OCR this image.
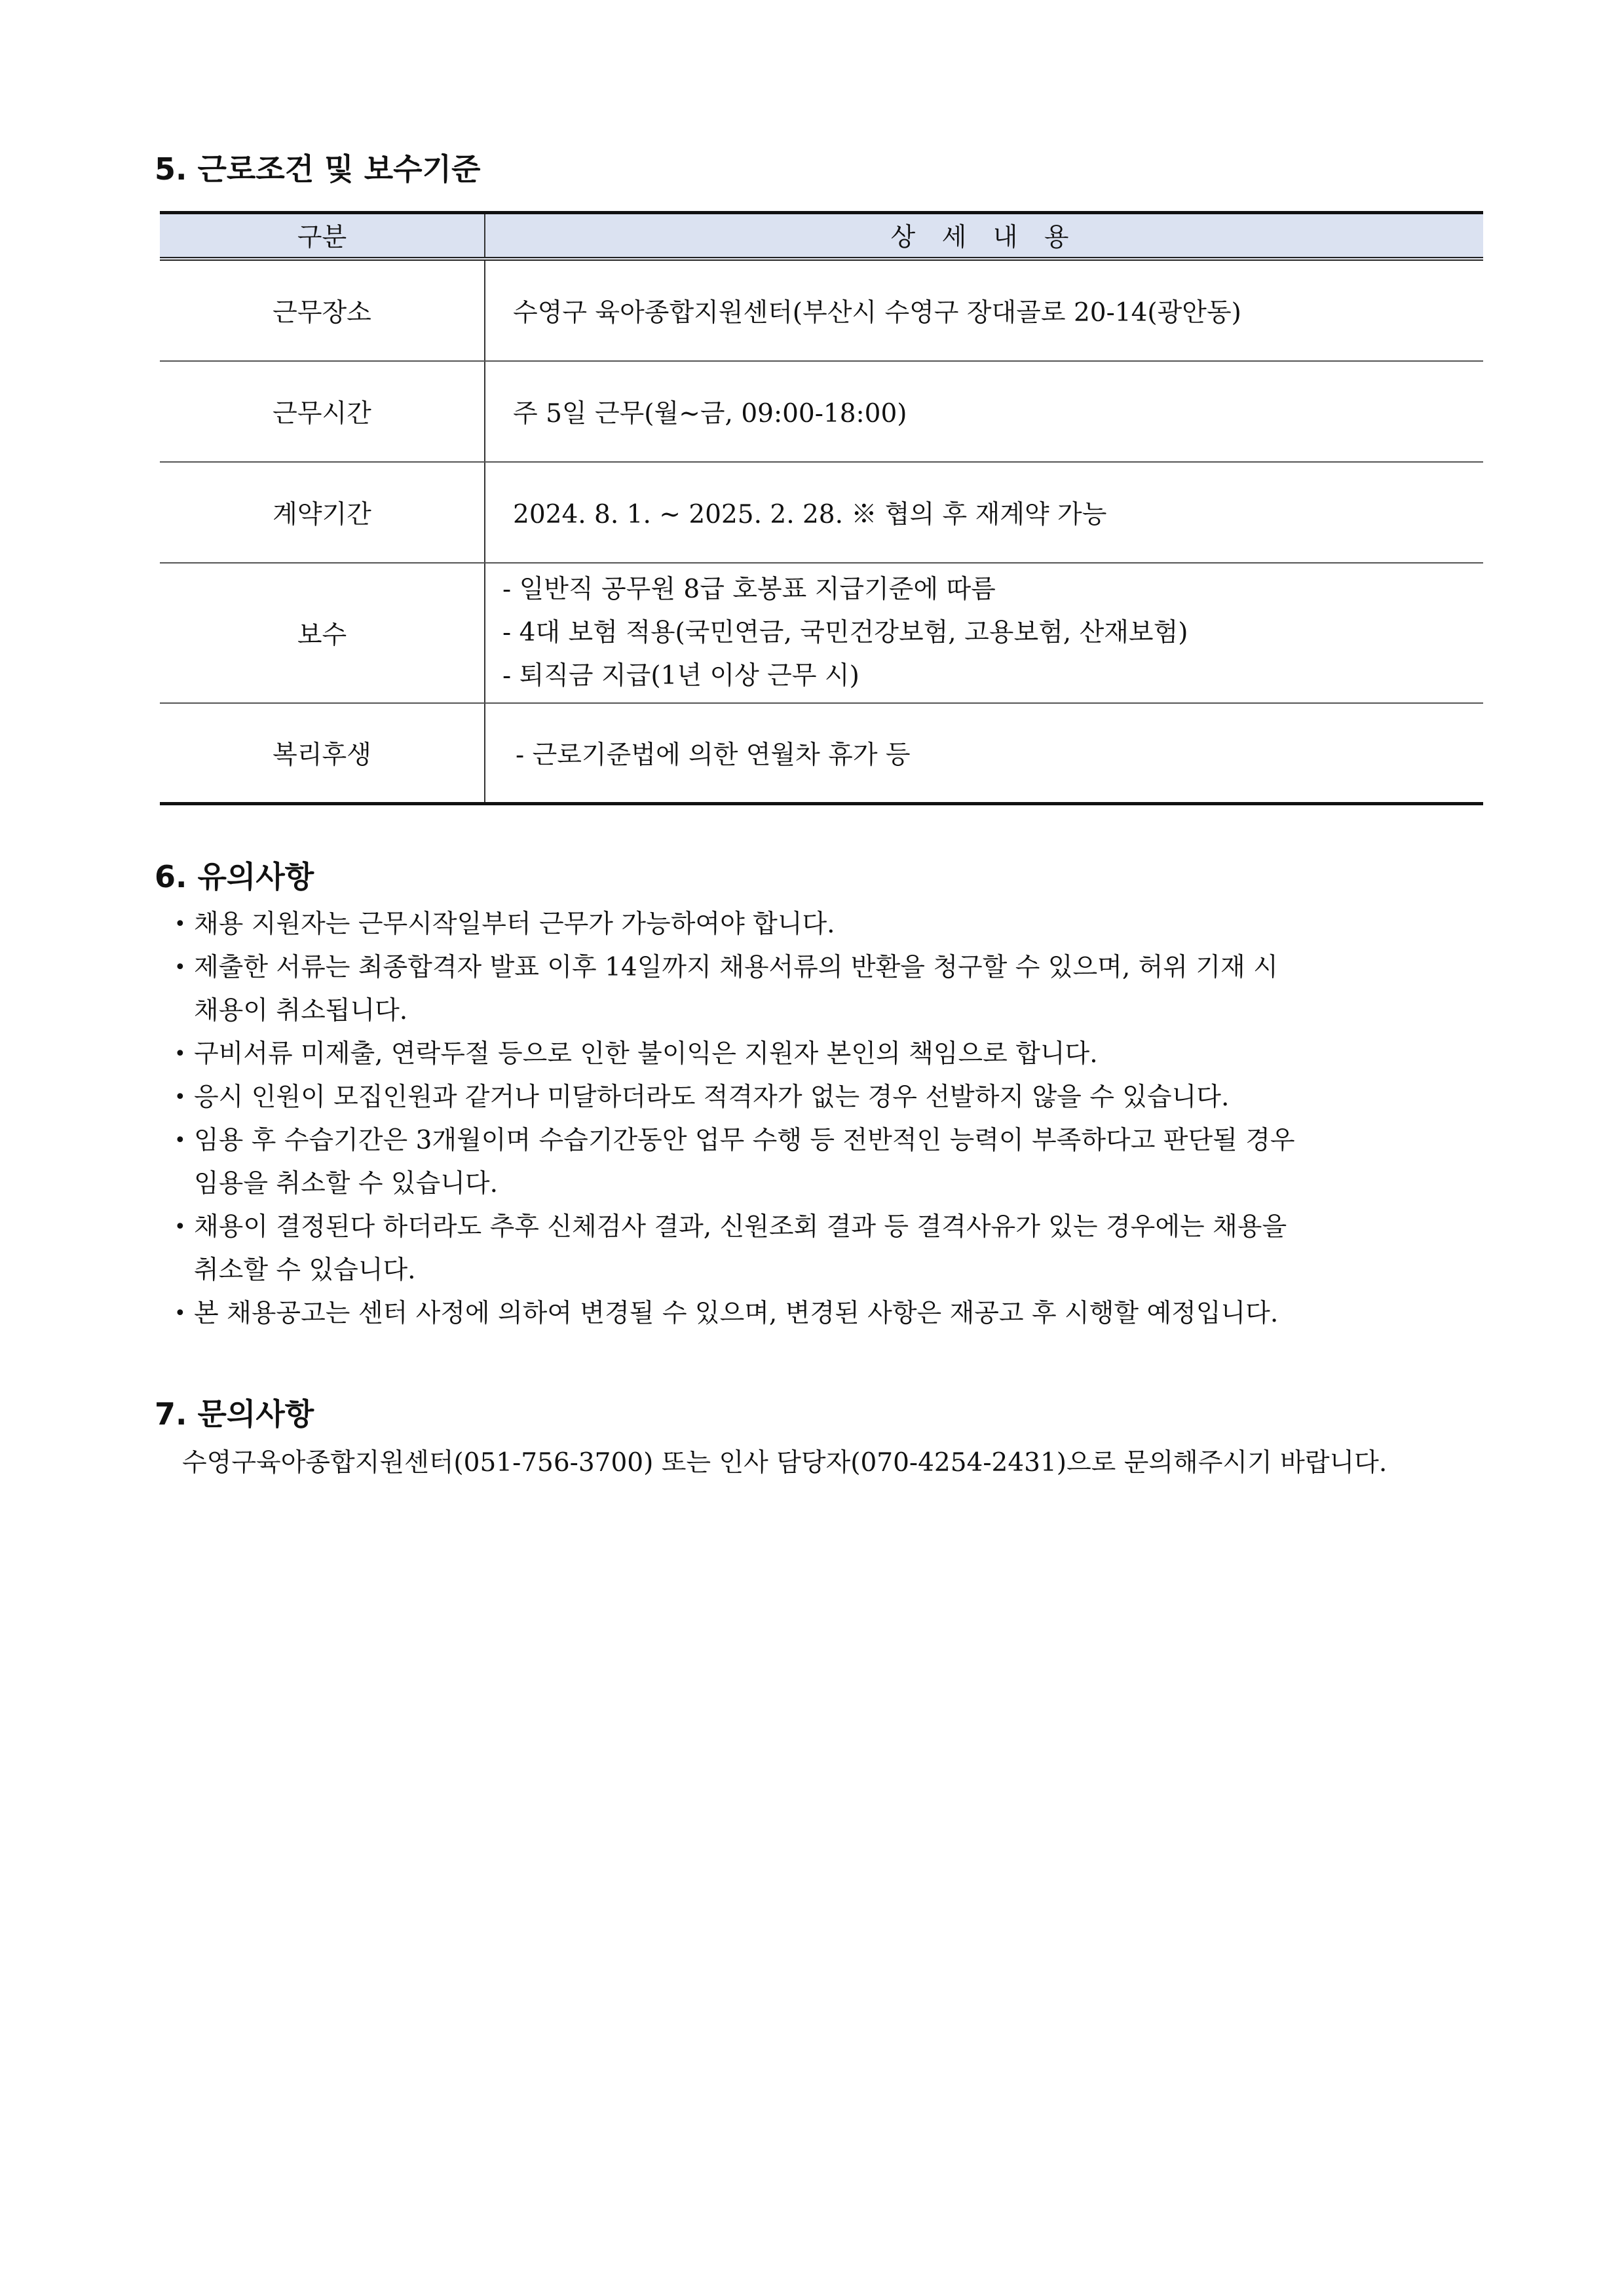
5. 근로조건 및 보수기준
구분	상 세 내 용
근무장소	수영구 육아종합지원센터(부산시 수영구 장대골로 20-14(광안동)
근무시간	주 5일 근무(월~금, 09:00-18:00)
계약기간	2024. 8. 1. ~ 2025. 2. 28. ※ 협의 후 재계약 가능
보수	- 일반직 공무원 8급 호봉표 지급기준에 따름
- 4대 보험 적용(국민연금, 국민건강보험, 고용보험, 산재보험)
- 퇴직금 지급(1년 이상 근무 시)

복리후생	- 근로기준법에 의한 연월차 휴가 등
6. 유의사항
• 채용 지원자는 근무시작일부터 근무가 가능하여야 합니다.
• 제출한 서류는 최종합격자 발표 이후 14일까지 채용서류의 반환을 청구할 수 있으며, 허위 기재 시
채용이 취소됩니다.
• 구비서류 미제출, 연락두절 등으로 인한 불이익은 지원자 본인의 책임으로 합니다.
• 응시 인원이 모집인원과 같거나 미달하더라도 적격자가 없는 경우 선발하지 않을 수 있습니다.
• 임용 후 수습기간은 3개월이며 수습기간동안 업무 수행 등 전반적인 능력이 부족하다고 판단될 경우
임용을 취소할 수 있습니다.
• 채용이 결정된다 하더라도 추후 신체검사 결과, 신원조회 결과 등 결격사유가 있는 경우에는 채용을
취소할 수 있습니다.
• 본 채용공고는 센터 사정에 의하여 변경될 수 있으며, 변경된 사항은 재공고 후 시행할 예정입니다.
7. 문의사항

수영구육아종합지원센터(051-756-3700) 또는 인사 담당자(070-4254-2431)으로 문의해주시기 바랍니다.
